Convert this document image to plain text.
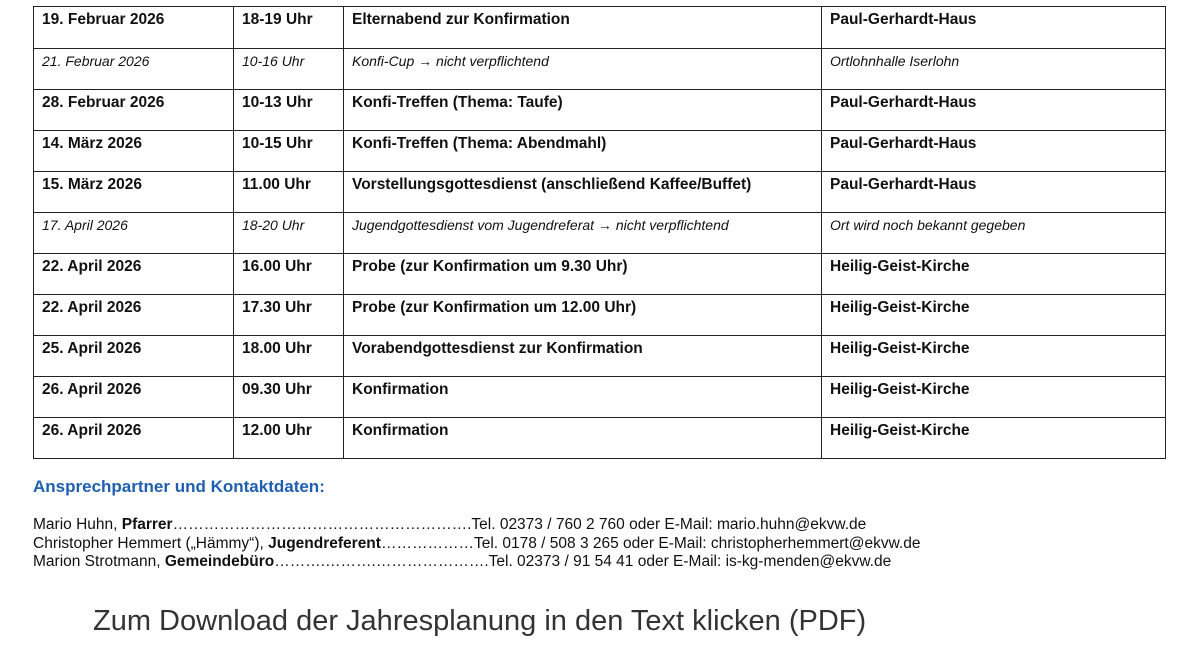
19. Februar 2026	18-19 Uhr	Elternabend zur Konfirmation	Paul-Gerhardt-Haus
21. Februar 2026	10-16 Uhr	Konfi-Cup → nicht verpflichtend	Ortlohnhalle Iserlohn
28. Februar 2026	10-13 Uhr	Konfi-Treffen (Thema: Taufe)	Paul-Gerhardt-Haus
14. März 2026	10-15 Uhr	Konfi-Treffen (Thema: Abendmahl)	Paul-Gerhardt-Haus
15. März 2026	11.00 Uhr	Vorstellungsgottesdienst (anschließend Kaffee/Buffet)	Paul-Gerhardt-Haus
17. April 2026	18-20 Uhr	Jugendgottesdienst vom Jugendreferat → nicht verpflichtend	Ort wird noch bekannt gegeben
22. April 2026	16.00 Uhr	Probe (zur Konfirmation um 9.30 Uhr)	Heilig-Geist-Kirche
22. April 2026	17.30 Uhr	Probe (zur Konfirmation um 12.00 Uhr)	Heilig-Geist-Kirche
25. April 2026	18.00 Uhr	Vorabendgottesdienst zur Konfirmation	Heilig-Geist-Kirche
26. April 2026	09.30 Uhr	Konfirmation	Heilig-Geist-Kirche
26. April 2026	12.00 Uhr	Konfirmation	Heilig-Geist-Kirche
Ansprechpartner und Kontaktdaten:
Mario Huhn, Pfarrer………………………………………………….Tel. 02373 / 760 2 760 oder E-Mail: mario.huhn@ekvw.de
Christopher Hemmert („Hämmy“), Jugendreferent………………Tel. 0178 / 508 3 265 oder E-Mail: christopherhemmert@ekvw.de
Marion Strotmann, Gemeindebüro……….……….………………….Tel. 02373 / 91 54 41 oder E-Mail: is-kg-menden@ekvw.de
Zum Download der Jahresplanung in den Text klicken (PDF)
